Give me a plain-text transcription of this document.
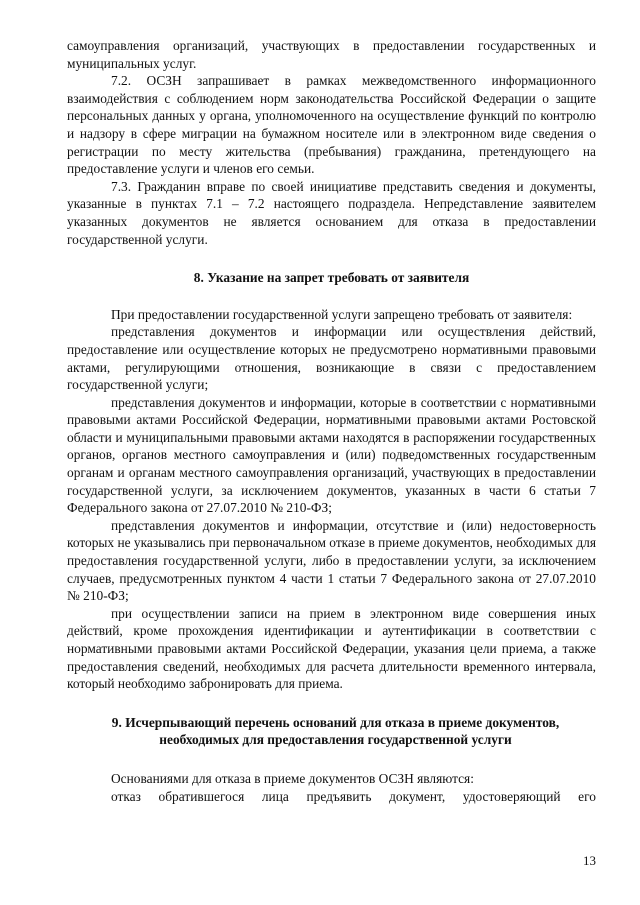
самоуправления организаций, участвующих в предоставлении государственных и муниципальных услуг.

7.2. ОСЗН запрашивает в рамках межведомственного информационного взаимодействия с соблюдением норм законодательства Российской Федерации о защите персональных данных у органа, уполномоченного на осуществление функций по контролю и надзору в сфере миграции на бумажном носителе или в электронном виде сведения о регистрации по месту жительства (пребывания) гражданина, претендующего на предоставление услуги и членов его семьи.

7.3. Гражданин вправе по своей инициативе представить сведения и документы, указанные в пунктах 7.1 – 7.2 настоящего подраздела. Непредставление заявителем указанных документов не является основанием для отказа в предоставлении государственной услуги.

8. Указание на запрет требовать от заявителя

При предоставлении государственной услуги запрещено требовать от заявителя:

представления документов и информации или осуществления действий, предоставление или осуществление которых не предусмотрено нормативными правовыми актами, регулирующими отношения, возникающие в связи с предоставлением государственной услуги;

представления документов и информации, которые в соответствии с нормативными правовыми актами Российской Федерации, нормативными правовыми актами Ростовской области и муниципальными правовыми актами находятся в распоряжении государственных органов, органов местного самоуправления и (или) подведомственных государственным органам и органам местного самоуправления организаций, участвующих в предоставлении государственной услуги, за исключением документов, указанных в части 6 статьи 7 Федерального закона от 27.07.2010 № 210-ФЗ;

представления документов и информации, отсутствие и (или) недостоверность которых не указывались при первоначальном отказе в приеме документов, необходимых для предоставления государственной услуги, либо в предоставлении услуги, за исключением случаев, предусмотренных пунктом 4 части 1 статьи 7 Федерального закона от 27.07.2010 № 210-ФЗ;

при осуществлении записи на прием в электронном виде совершения иных действий, кроме прохождения идентификации и аутентификации в соответствии с нормативными правовыми актами Российской Федерации, указания цели приема, а также предоставления сведений, необходимых для расчета длительности временного интервала, который необходимо забронировать для приема.

9. Исчерпывающий перечень оснований для отказа в приеме документов,
необходимых для предоставления государственной услуги

Основаниями для отказа в приеме документов ОСЗН являются:

отказ обратившегося лица предъявить документ, удостоверяющий его

13
